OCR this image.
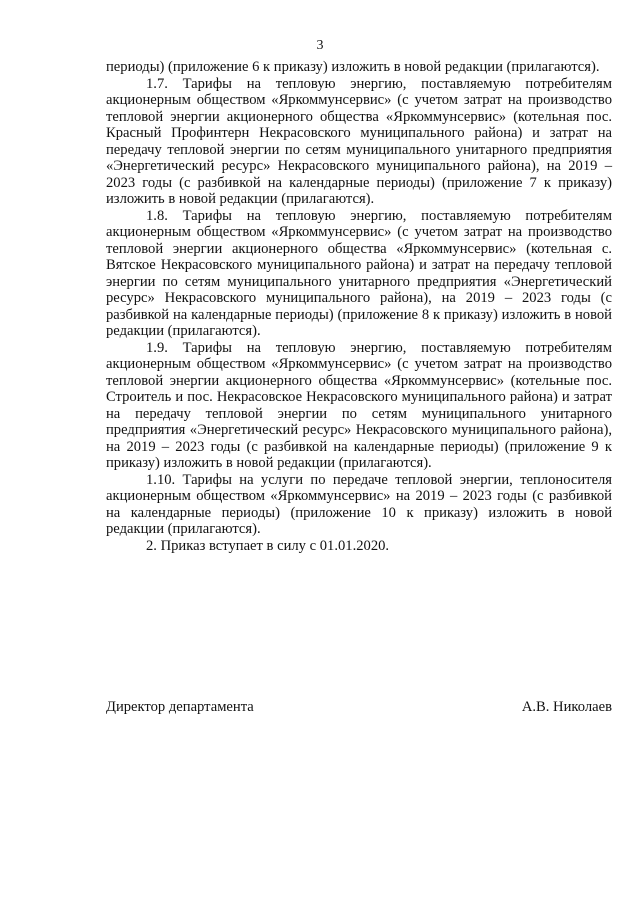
3

периоды) (приложение 6 к приказу) изложить в новой редакции (прилагаются).

1.7. Тарифы на тепловую энергию, поставляемую потребителям акционерным обществом «Яркоммунсервис» (с учетом затрат на производство тепловой энергии акционерного общества «Яркоммунсервис» (котельная пос. Красный Профинтерн Некрасовского муниципального района) и затрат на передачу тепловой энергии по сетям муниципального унитарного предприятия «Энергетический ресурс» Некрасовского муниципального района), на 2019 – 2023 годы (с разбивкой на календарные периоды) (приложение 7 к приказу) изложить в новой редакции (прилагаются).

1.8. Тарифы на тепловую энергию, поставляемую потребителям акционерным обществом «Яркоммунсервис» (с учетом затрат на производство тепловой энергии акционерного общества «Яркоммунсервис» (котельная с. Вятское Некрасовского муниципального района) и затрат на передачу тепловой энергии по сетям муниципального унитарного предприятия «Энергетический ресурс» Некрасовского муниципального района), на 2019 – 2023 годы (с разбивкой на календарные периоды) (приложение 8 к приказу) изложить в новой редакции (прилагаются).

1.9. Тарифы на тепловую энергию, поставляемую потребителям акционерным обществом «Яркоммунсервис» (с учетом затрат на производство тепловой энергии акционерного общества «Яркоммунсервис» (котельные пос. Строитель и пос. Некрасовское Некрасовского муниципального района) и затрат на передачу тепловой энергии по сетям муниципального унитарного предприятия «Энергетический ресурс» Некрасовского муниципального района), на 2019 – 2023 годы (с разбивкой на календарные периоды) (приложение 9 к приказу) изложить в новой редакции (прилагаются).

1.10. Тарифы на услуги по передаче тепловой энергии, теплоносителя акционерным обществом «Яркоммунсервис» на 2019 – 2023 годы (с разбивкой на календарные периоды) (приложение 10 к приказу) изложить в новой редакции (прилагаются).

2. Приказ вступает в силу с 01.01.2020.

Директор департамента	А.В. Николаев
